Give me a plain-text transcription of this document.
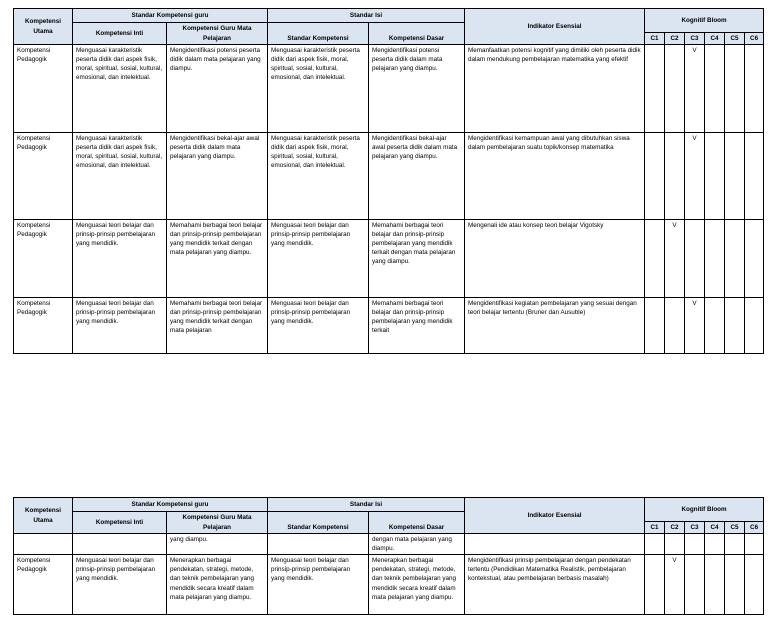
Kompetensi Utama	Standar Kompetensi guru		Standar Isi		Indikator Esensial	Kognitif Bloom					
	Kompetensi Inti	Kompetensi Guru Mata Pelajaran	Standar Kompetensi	Kompetensi Dasar							
						C1	C2	C3	C4	C5	C6
Kompetensi Pedagogik	Menguasai karakteristik peserta didik dari aspek fisik, moral, spiritual, sosial, kultural, emosional, dan intelektual.	Mengidentifikasi potensi peserta didik dalam mata pelajaran yang diampu.	Menguasai karakteristik peserta didik dari aspek fisik, moral, spiritual, sosial, kultural, emosional, dan intelektual.	Mengidentifikasi potensi peserta didik dalam mata pelajaran yang diampu.	Memanfaatkan potensi kognitif yang dimiliki oleh peserta didik dalam mendukung pembelajaran matematika yang efektif			V			
Kompetensi Pedagogik	Menguasai karakteristik peserta didik dari aspek fisik, moral, spiritual, sosial, kultural, emosional, dan intelektual.	Mengidentifikasi bekal-ajar awal peserta didik dalam mata pelajaran yang diampu.	Menguasai karakteristik peserta didik dari aspek fisik, moral, spiritual, sosial, kultural, emosional, dan intelektual.	Mengidentifikasi bekal-ajar awal peserta didik dalam mata pelajaran yang diampu.	Mengidentifikasi kemampuan awal yang dibutuhkan siswa dalam pembelajaran suatu topik/konsep matematika			V			
Kompetensi Pedagogik	Menguasai teori belajar dan prinsip-prinsip pembelajaran yang mendidik.	Memahami berbagai teori belajar dan prinsip-prinsip pembelajaran yang mendidik terkait dengan mata pelajaran yang diampu.	Menguasai teori belajar dan prinsip-prinsip pembelajaran yang mendidik.	Memahami berbagai teori belajar dan prinsip-prinsip pembelajaran yang mendidik terkait dengan mata pelajaran yang diampu.	Mengenali ide atau konsep teori belajar Vigotsky		V				
Kompetensi Pedagogik	Menguasai teori belajar dan prinsip-prinsip pembelajaran yang mendidik.	Memahami berbagai teori belajar dan prinsip-prinsip pembelajaran yang mendidik terkait dengan mata pelajaran	Menguasai teori belajar dan prinsip-prinsip pembelajaran yang mendidik.	Memahami berbagai teori belajar dan prinsip-prinsip pembelajaran yang mendidik terkait	Mengidentifikasi kegiatan pembelajaran yang sesuai dengan teori belajar tertentu (Bruner dan Ausuble)			V			
Kompetensi Utama	Standar Kompetensi guru		Standar Isi		Indikator Esensial	Kognitif Bloom					
	Kompetensi Inti	Kompetensi Guru Mata Pelajaran	Standar Kompetensi	Kompetensi Dasar							
						C1	C2	C3	C4	C5	C6
		yang diampu.		dengan mata pelajaran yang diampu.							
Kompetensi Pedagogik	Menguasai teori belajar dan prinsip-prinsip pembelajaran yang mendidik.	Menerapkan berbagai pendekatan, strategi, metode, dan teknik pembelajaran yang mendidik secara kreatif dalam mata pelajaran yang diampu.	Menguasai teori belajar dan prinsip-prinsip pembelajaran yang mendidik.	Menerapkan berbagai pendekatan, strategi, metode, dan teknik pembelajaran yang mendidik secara kreatif dalam mata pelajaran yang diampu.	Mengidentifikasi prinsip pembelajaran dengan pendekatan tertentu (Pendidikan Matematika Realistik, pembelajaran kontekstual, atau pembelajaran berbasis masalah)		V				
